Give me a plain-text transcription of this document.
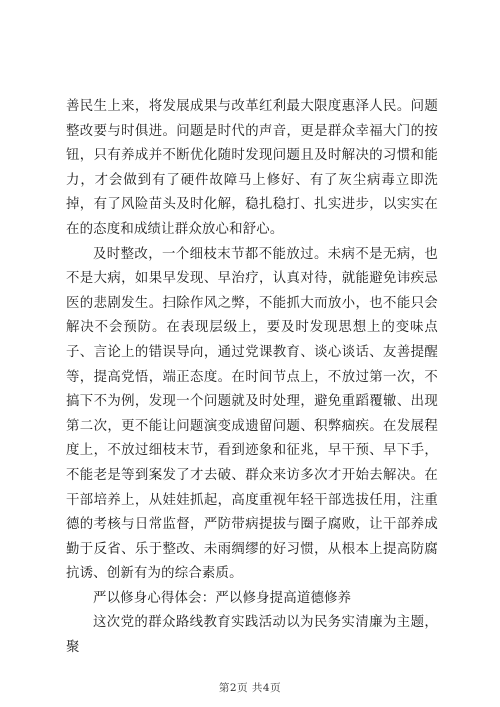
善民生上来，将发展成果与改革红利最大限度惠泽人民。问题整改要与时俱进。问题是时代的声音，更是群众幸福大门的按钮，只有养成并不断优化随时发现问题且及时解决的习惯和能力，才会做到有了硬件故障马上修好、有了灰尘病毒立即洗掉，有了风险苗头及时化解，稳扎稳打、扎实进步，以实实在在的态度和成绩让群众放心和舒心。

及时整改，一个细枝末节都不能放过。未病不是无病，也不是大病，如果早发现、早治疗，认真对待，就能避免讳疾忌医的悲剧发生。扫除作风之弊，不能抓大而放小，也不能只会解决不会预防。在表现层级上，要及时发现思想上的变味点子、言论上的错误导向，通过党课教育、谈心谈话、友善提醒等，提高党悟，端正态度。在时间节点上，不放过第一次，不搞下不为例，发现一个问题就及时处理，避免重蹈覆辙、出现第二次，更不能让问题演变成遗留问题、积弊痼疾。在发展程度上，不放过细枝末节，看到迹象和征兆，早干预、早下手，不能老是等到案发了才去破、群众来访多次才开始去解决。在干部培养上，从娃娃抓起，高度重视年轻干部选拔任用，注重德的考核与日常监督，严防带病提拔与圈子腐败，让干部养成勤于反省、乐于整改、未雨绸缪的好习惯，从根本上提高防腐抗诱、创新有为的综合素质。

严以修身心得体会：严以修身提高道德修养

这次党的群众路线教育实践活动以为民务实清廉为主题，聚

第2页 共4页
